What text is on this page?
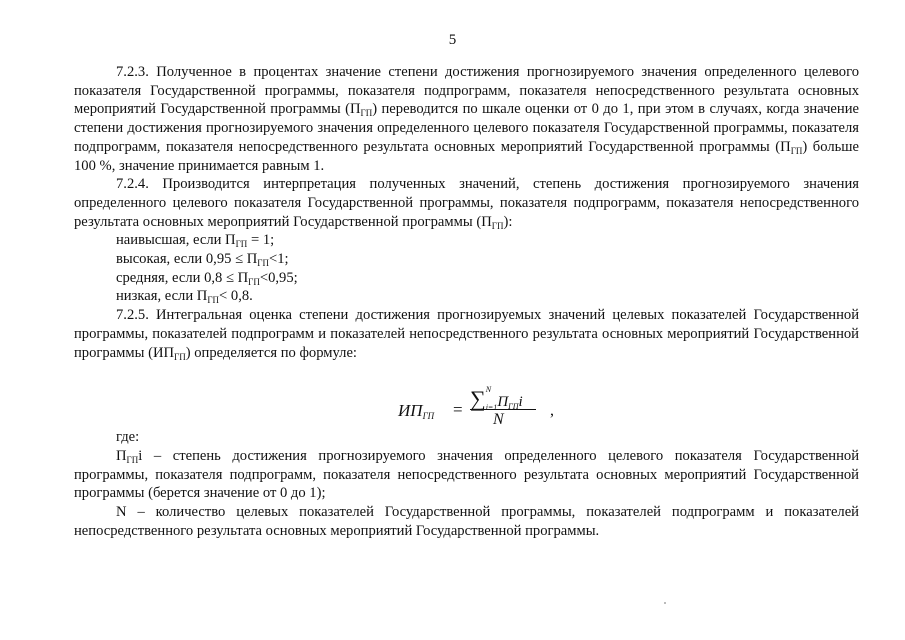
5

7.2.3. Полученное в процентах значение степени достижения прогнозируемого значения определенного целевого показателя Государственной программы, показателя подпрограмм, показателя непосредственного результата основных мероприятий Государственной программы $(П_{ГП})$ переводится по шкале оценки от 0 до 1, при этом в случаях, когда значение степени достижения прогнозируемого значения определенного целевого показателя Государственной программы, показателя подпрограмм, показателя непосредственного результата основных мероприятий Государственной программы $(П_{ГП})$ больше 100 %, значение принимается равным 1.

7.2.4. Производится интерпретация полученных значений, степень достижения прогнозируемого значения определенного целевого показателя Государственной программы, показателя подпрограмм, показателя непосредственного результата основных мероприятий Государственной программы $(П_{ГП})$:

наивысшая, если $П_{ГП} = 1$;

высокая, если $0,95 \le П_{ГП}<1$;

средняя, если $0,8 \le П_{ГП}<0,95$;

низкая, если $П_{ГП}< 0,8$.

7.2.5. Интегральная оценка степени достижения прогнозируемых значений целевых показателей Государственной программы, показателей подпрограмм и показателей непосредственного результата основных мероприятий Государственной программы $(ИП_{ГП})$ определяется по формуле:

где:

$П_{ГП}i$ – степень достижения прогнозируемого значения определенного целевого показателя Государственной программы, показателя подпрограмм, показателя непосредственного результата основных мероприятий Государственной программы (берется значение от 0 до 1);

N – количество целевых показателей Государственной программы, показателей подпрограмм и показателей непосредственного результата основных мероприятий Государственной программы.

$ИП_{ГП} = \sum^N$
$_{i=1}П_{ГП}i$
N
,
